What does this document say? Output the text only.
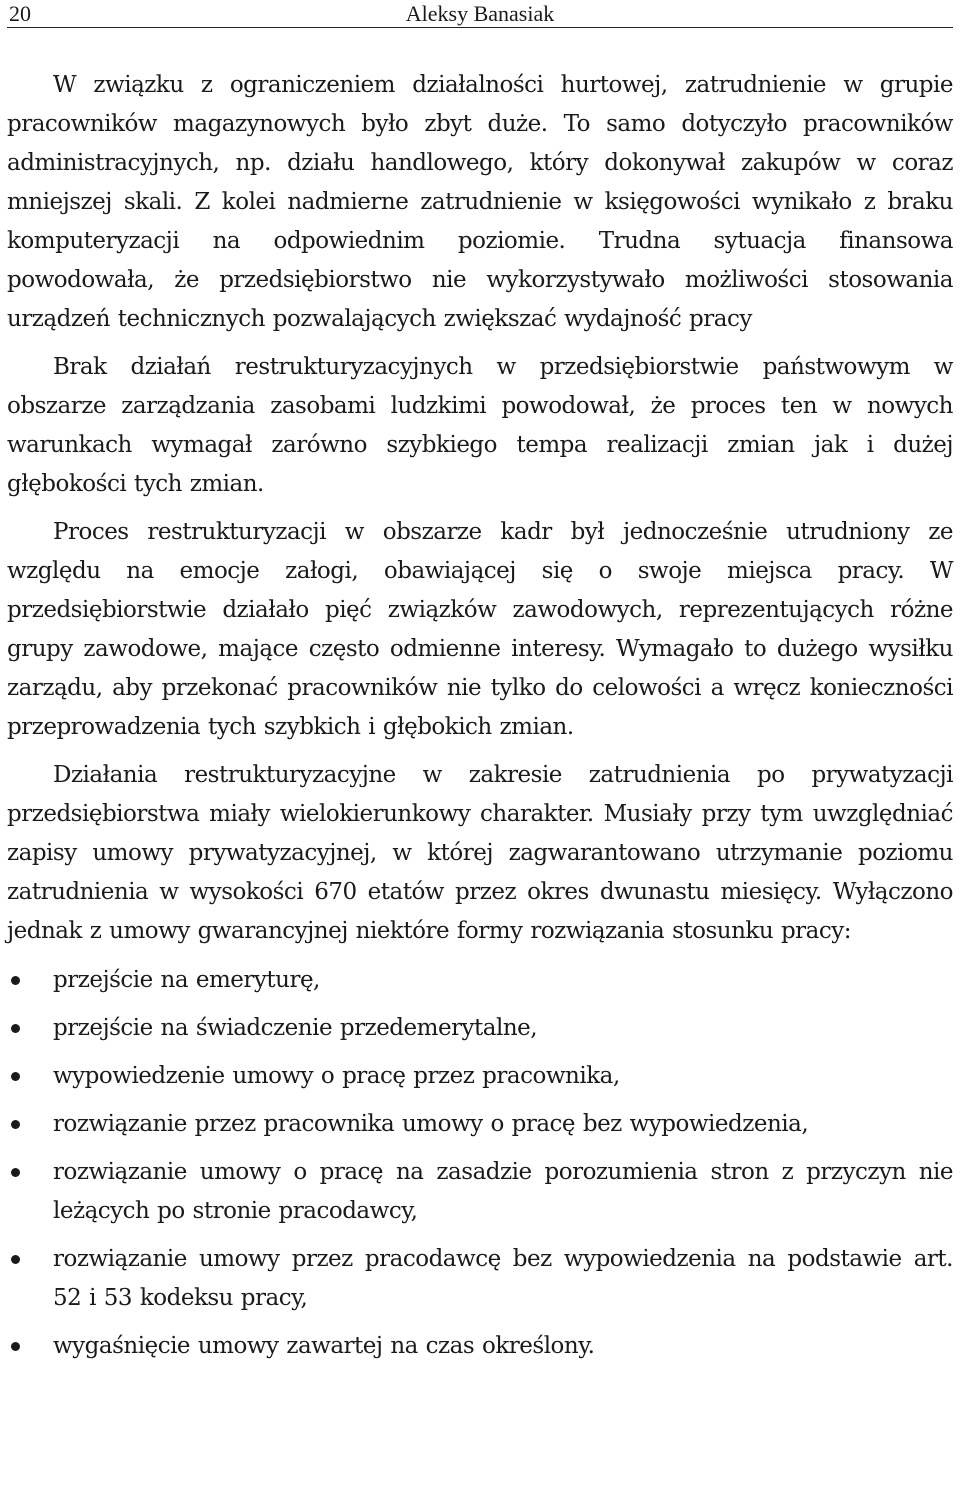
20	Aleksy Banasiak

W związku z ograniczeniem działalności hurtowej, zatrudnienie w grupie pracowników magazynowych było zbyt duże. To samo dotyczyło pracowników administracyjnych, np. działu handlowego, który dokonywał zakupów w coraz mniejszej skali. Z kolei nadmierne zatrudnienie w księgowości wynikało z braku komputeryzacji na odpowiednim poziomie. Trudna sytuacja finansowa powodowała, że przedsiębiorstwo nie wykorzystywało możliwości stosowania urządzeń technicznych pozwalających zwiększać wydajność pracy

Brak działań restrukturyzacyjnych w przedsiębiorstwie państwowym w obszarze zarządzania zasobami ludzkimi powodował, że proces ten w nowych warunkach wymagał zarówno szybkiego tempa realizacji zmian jak i dużej głębokości tych zmian.

Proces restrukturyzacji w obszarze kadr był jednocześnie utrudniony ze względu na emocje załogi, obawiającej się o swoje miejsca pracy. W przedsiębiorstwie działało pięć związków zawodowych, reprezentujących różne grupy zawodowe, mające często odmienne interesy. Wymagało to dużego wysiłku zarządu, aby przekonać pracowników nie tylko do celowości a wręcz konieczności przeprowadzenia tych szybkich i głębokich zmian.

Działania restrukturyzacyjne w zakresie zatrudnienia po prywatyzacji przedsiębiorstwa miały wielokierunkowy charakter. Musiały przy tym uwzględniać zapisy umowy prywatyzacyjnej, w której zagwarantowano utrzymanie poziomu zatrudnienia w wysokości 670 etatów przez okres dwunastu miesięcy. Wyłączono jednak z umowy gwarancyjnej niektóre formy rozwiązania stosunku pracy:

przejście na emeryturę,
przejście na świadczenie przedemerytalne,
wypowiedzenie umowy o pracę przez pracownika,
rozwiązanie przez pracownika umowy o pracę bez wypowiedzenia,
rozwiązanie umowy o pracę na zasadzie porozumienia stron z przyczyn nie leżących po stronie pracodawcy,
rozwiązanie umowy przez pracodawcę bez wypowiedzenia na podstawie art. 52 i 53 kodeksu pracy,
wygaśnięcie umowy zawartej na czas określony.
